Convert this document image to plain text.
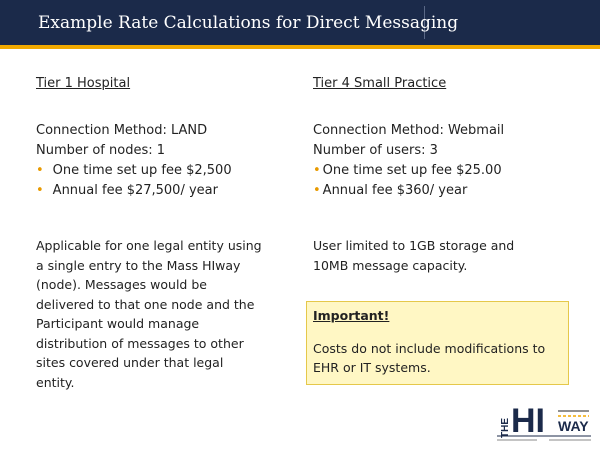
Example Rate Calculations for Direct Messaging
Tier 1 Hospital
Connection Method: LAND
Number of nodes: 1
• One time set up fee $2,500
• Annual fee $27,500/ year
Applicable for one legal entity using a single entry to the Mass HIway (node). Messages would be delivered to that one node and the Participant would manage distribution of messages to other sites covered under that legal entity.
Tier 4 Small Practice
Connection Method: Webmail
Number of users: 3
• One time set up fee $25.00
• Annual fee $360/ year
User limited to 1GB storage and 10MB message capacity.
Important!
Costs do not include modifications to EHR or IT systems.
THE HI WAY
